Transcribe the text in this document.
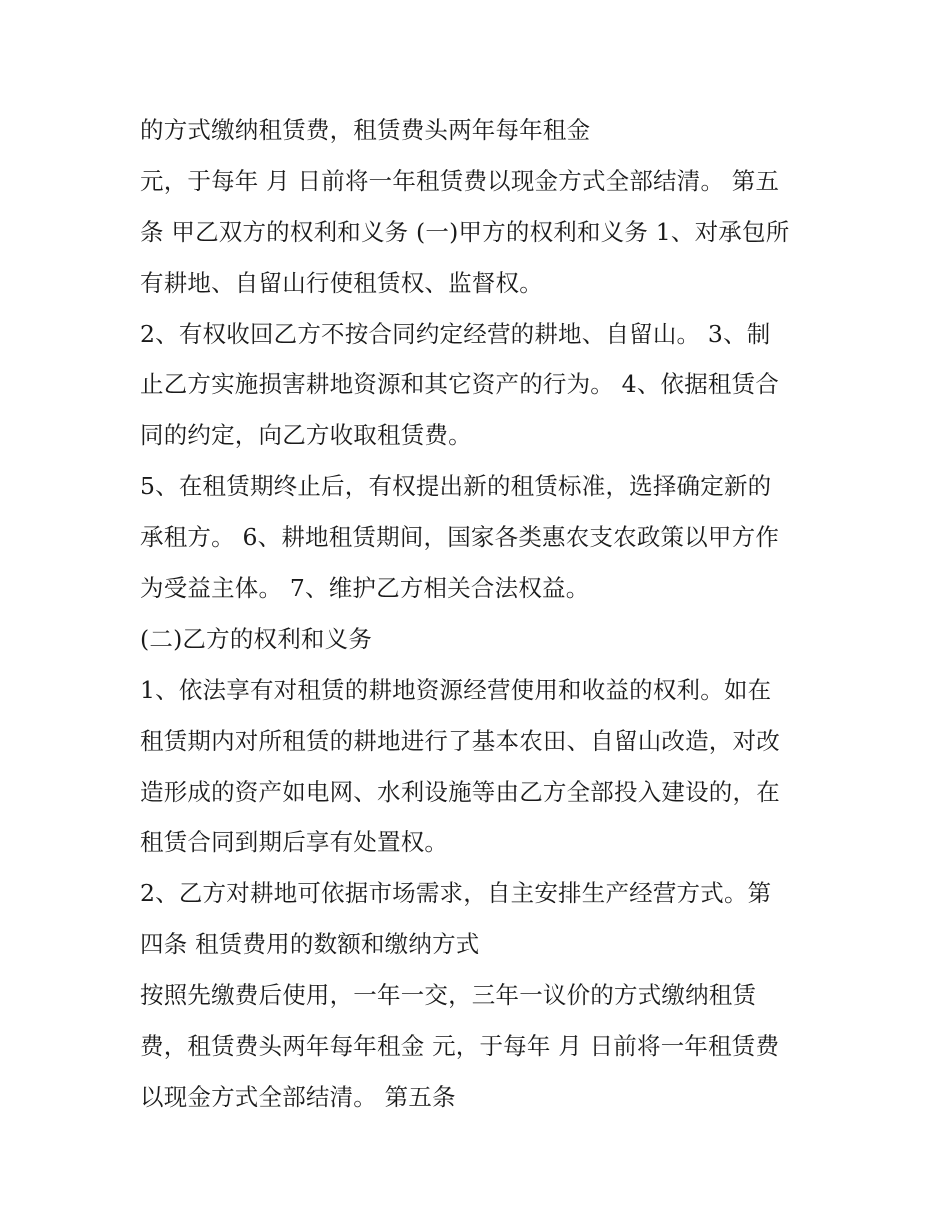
的方式缴纳租赁费，租赁费头两年每年租金
元，于每年 月 日前将一年租赁费以现金方式全部结清。 第五
条 甲乙双方的权利和义务 (一)甲方的权利和义务 1、对承包所
有耕地、自留山行使租赁权、监督权。
2、有权收回乙方不按合同约定经营的耕地、自留山。 3、制
止乙方实施损害耕地资源和其它资产的行为。 4、依据租赁合
同的约定，向乙方收取租赁费。
5、在租赁期终止后，有权提出新的租赁标准，选择确定新的
承租方。 6、耕地租赁期间，国家各类惠农支农政策以甲方作
为受益主体。 7、维护乙方相关合法权益。
(二)乙方的权利和义务
1、依法享有对租赁的耕地资源经营使用和收益的权利。如在
租赁期内对所租赁的耕地进行了基本农田、自留山改造，对改
造形成的资产如电网、水利设施等由乙方全部投入建设的，在
租赁合同到期后享有处置权。
2、乙方对耕地可依据市场需求，自主安排生产经营方式。第
四条 租赁费用的数额和缴纳方式
按照先缴费后使用，一年一交，三年一议价的方式缴纳租赁
费，租赁费头两年每年租金 元，于每年 月 日前将一年租赁费
以现金方式全部结清。 第五条
